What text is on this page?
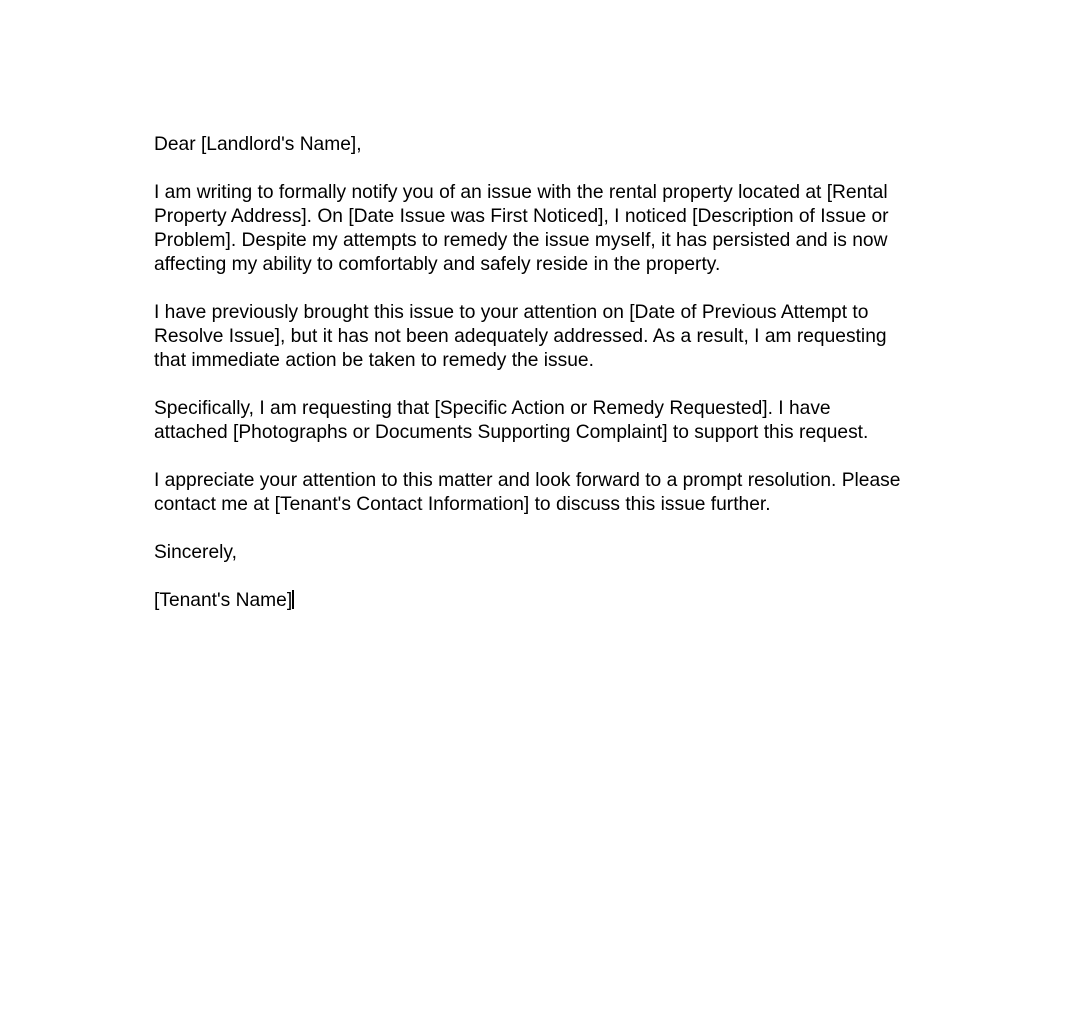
Dear [Landlord's Name],

I am writing to formally notify you of an issue with the rental property located at [Rental Property Address]. On [Date Issue was First Noticed], I noticed [Description of Issue or Problem]. Despite my attempts to remedy the issue myself, it has persisted and is now affecting my ability to comfortably and safely reside in the property.

I have previously brought this issue to your attention on [Date of Previous Attempt to Resolve Issue], but it has not been adequately addressed. As a result, I am requesting that immediate action be taken to remedy the issue.

Specifically, I am requesting that [Specific Action or Remedy Requested]. I have attached [Photographs or Documents Supporting Complaint] to support this request.

I appreciate your attention to this matter and look forward to a prompt resolution. Please contact me at [Tenant's Contact Information] to discuss this issue further.

Sincerely,

[Tenant's Name]
